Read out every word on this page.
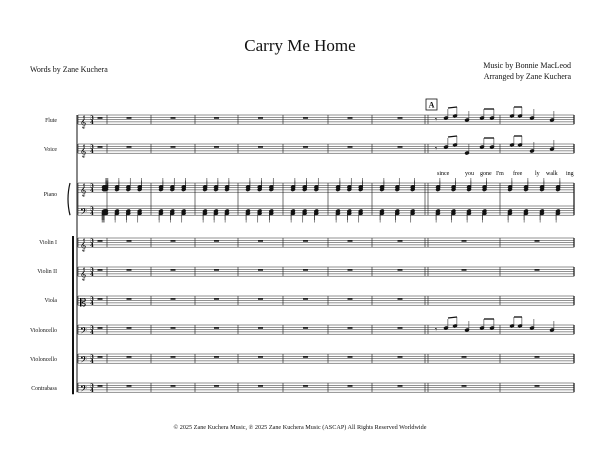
Carry Me Home
Words by Zane Kuchera	Music by Bonnie MacLeod
Arranged by Zane Kuchera
Flute
Voice
Piano
Violin I
Violin II
Viola
Violoncello
Violoncello
Contrabass
𝄞 4
3
𝄞 4
3
𝄞 4
3
𝄢 4
3
𝄞 4
3
𝄞 4
3
𝄡 4
3
𝄢 4
3
𝄢 4
3
𝄢 4
3
𝄾
𝄾
𝄾
A
since	you gone I'm free ly walk ing
© 2025 Zane Kuchera Music, ℗ 2025 Zane Kuchera Music (ASCAP) All Rights Reserved Worldwide
